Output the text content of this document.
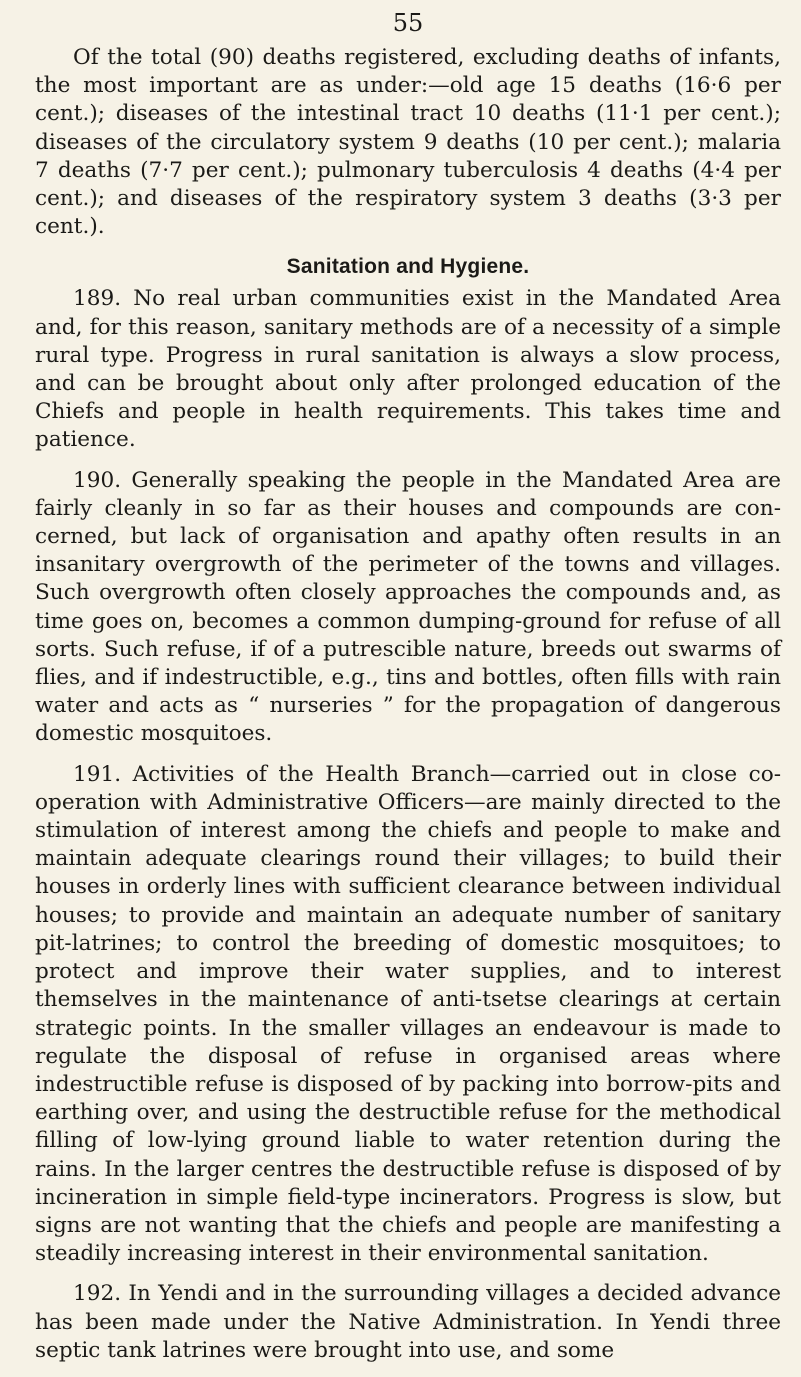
55

Of the total (90) deaths registered, excluding deaths of infants, the most important are as under:—old age 15 deaths (16·6 per cent.); diseases of the intestinal tract 10 deaths (11·1 per cent.); diseases of the circulatory system 9 deaths (10 per cent.); malaria 7 deaths (7·7 per cent.); pulmonary tuberculosis 4 deaths (4·4 per cent.); and diseases of the respiratory system 3 deaths (3·3 per cent.).

Sanitation and Hygiene.

189. No real urban communities exist in the Mandated Area and, for this reason, sanitary methods are of a necessity of a simple rural type. Progress in rural sanitation is always a slow process, and can be brought about only after prolonged education of the Chiefs and people in health requirements. This takes time and patience.

190. Generally speaking the people in the Mandated Area are fairly cleanly in so far as their houses and compounds are concerned, but lack of organisation and apathy often results in an insanitary overgrowth of the perimeter of the towns and villages. Such overgrowth often closely approaches the compounds and, as time goes on, becomes a common dumping-ground for refuse of all sorts. Such refuse, if of a putrescible nature, breeds out swarms of flies, and if indestructible, e.g., tins and bottles, often fills with rain water and acts as “ nurseries ” for the propagation of dangerous domestic mosquitoes.

191. Activities of the Health Branch—carried out in close co-operation with Administrative Officers—are mainly directed to the stimulation of interest among the chiefs and people to make and maintain adequate clearings round their villages; to build their houses in orderly lines with sufficient clearance between individual houses; to provide and maintain an adequate number of sanitary pit-latrines; to control the breeding of domestic mosquitoes; to protect and improve their water supplies, and to interest themselves in the maintenance of anti-tsetse clearings at certain strategic points. In the smaller villages an endeavour is made to regulate the disposal of refuse in organised areas where indestructible refuse is disposed of by packing into borrow-pits and earthing over, and using the destructible refuse for the methodical filling of low-lying ground liable to water retention during the rains. In the larger centres the destructible refuse is disposed of by incineration in simple field-type incinerators. Progress is slow, but signs are not wanting that the chiefs and people are manifesting a steadily increasing interest in their environmental sanitation.

192. In Yendi and in the surrounding villages a decided advance has been made under the Native Administration. In Yendi three septic tank latrines were brought into use, and some
